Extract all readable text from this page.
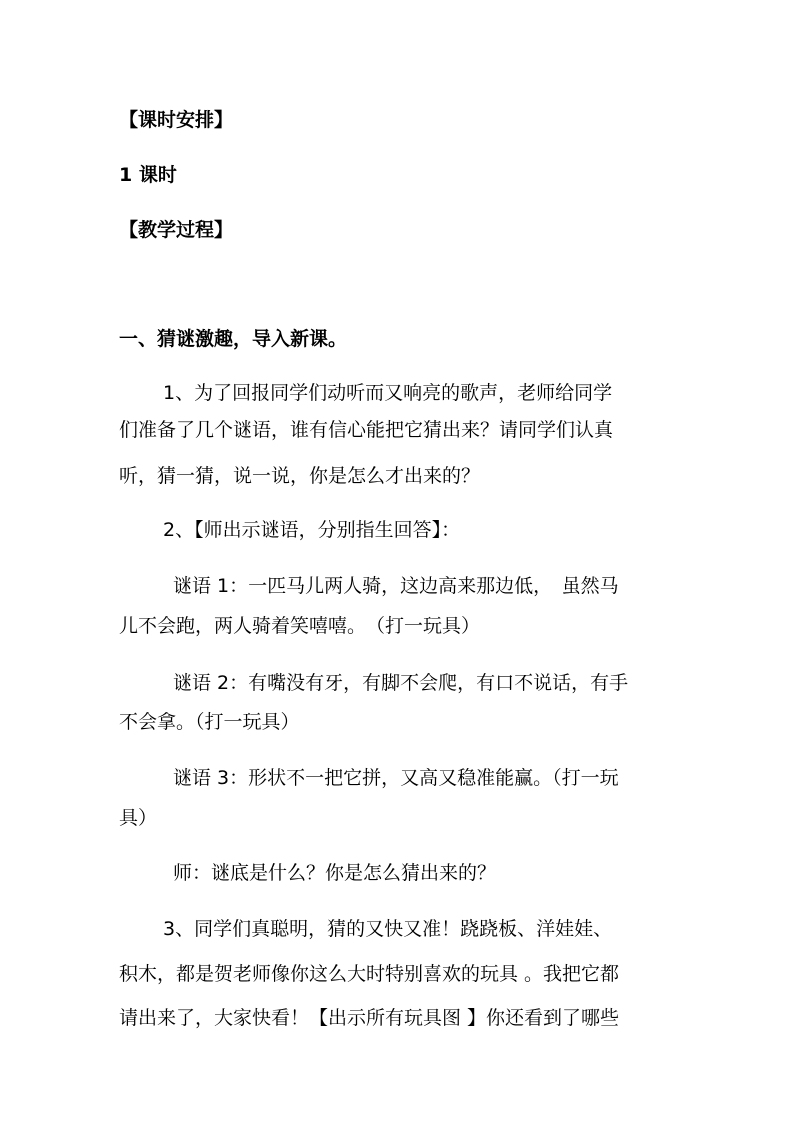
【课时安排】
1 课时
【教学过程】
一、猜谜激趣，导入新课。
1、为了回报同学们动听而又响亮的歌声，老师给同学
们准备了几个谜语，谁有信心能把它猜出来？请同学们认真
听，猜一猜，说一说，你是怎么才出来的？
2、【师出示谜语，分别指生回答】：
谜语 1：一匹马儿两人骑，这边高来那边低，　虽然马
儿不会跑，两人骑着笑嘻嘻。　（打一玩具）
谜语 2：有嘴没有牙，有脚不会爬，有口不说话，有手
不会拿。（打一玩具）
谜语 3：形状不一把它拼，又高又稳准能赢。（打一玩
具）
师：谜底是什么？你是怎么猜出来的？
3、同学们真聪明，猜的又快又准！跷跷板、洋娃娃、
积木，都是贺老师像你这么大时特别喜欢的玩具 。我把它都
请出来了，大家快看！【出示所有玩具图 】你还看到了哪些
